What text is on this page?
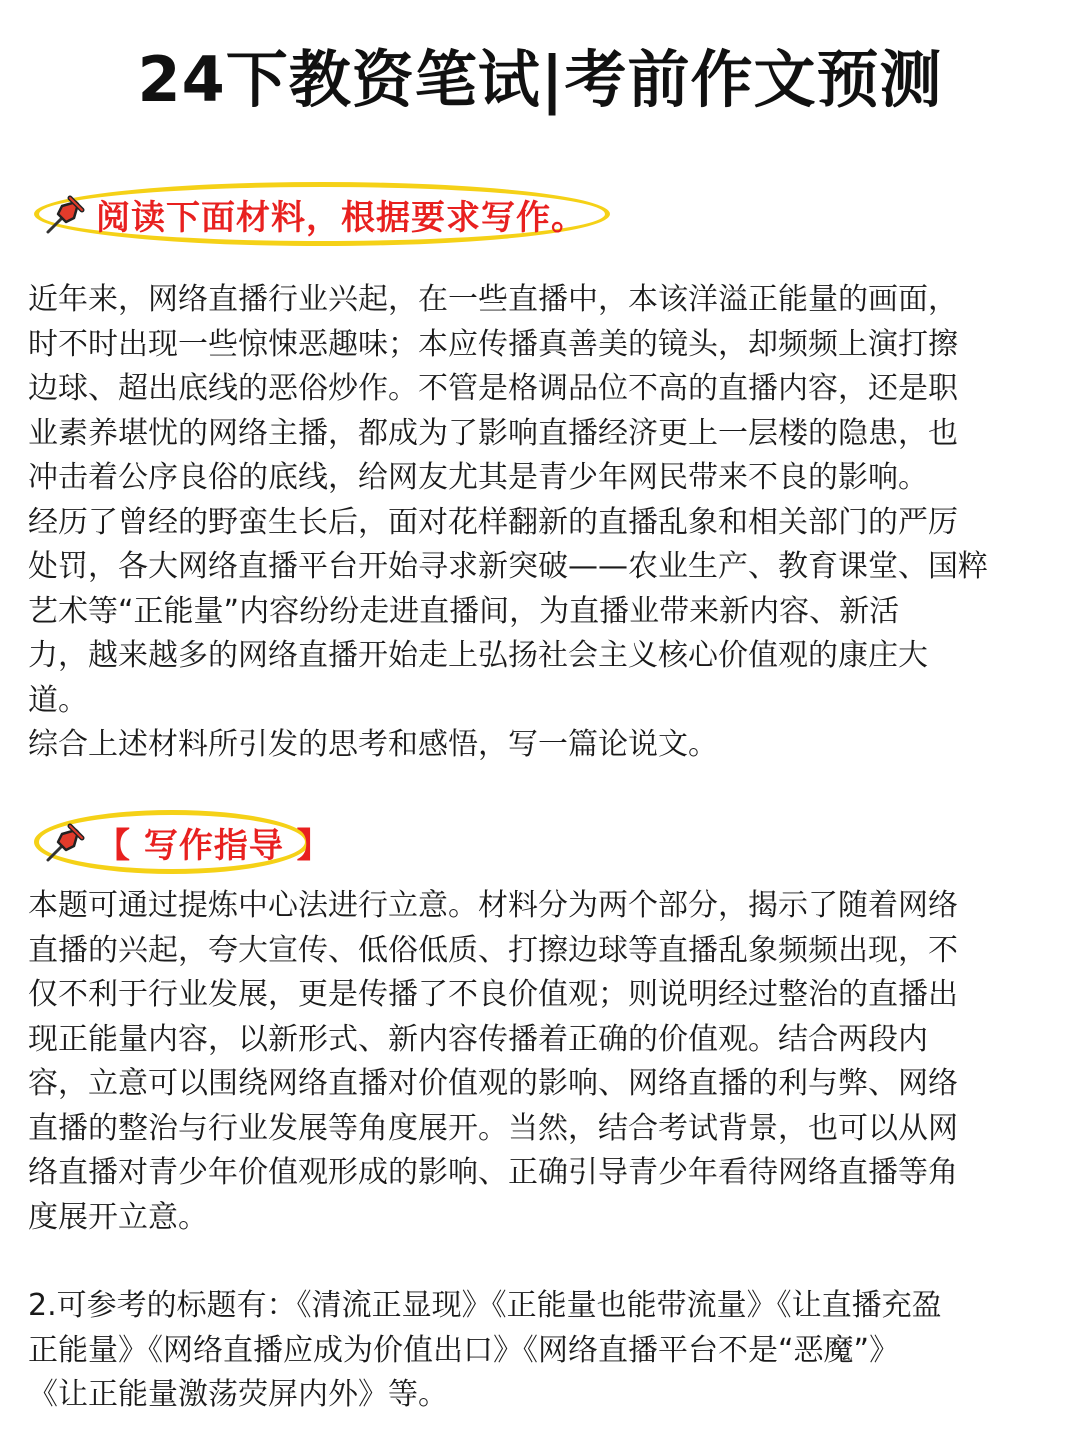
24下教资笔试|考前作文预测
阅读下面材料，根据要求写作。
近年来，网络直播行业兴起，在一些直播中，本该洋溢正能量的画面，
时不时出现一些惊悚恶趣味；本应传播真善美的镜头，却频频上演打擦
边球、超出底线的恶俗炒作。不管是格调品位不高的直播内容，还是职
业素养堪忧的网络主播，都成为了影响直播经济更上一层楼的隐患，也
冲击着公序良俗的底线，给网友尤其是青少年网民带来不良的影响。
经历了曾经的野蛮生长后，面对花样翻新的直播乱象和相关部门的严厉
处罚，各大网络直播平台开始寻求新突破——农业生产、教育课堂、国粹
艺术等“正能量”内容纷纷走进直播间，为直播业带来新内容、新活
力，越来越多的网络直播开始走上弘扬社会主义核心价值观的康庄大
道。
综合上述材料所引发的思考和感悟，写一篇论说文。
【 写作指导 】
本题可通过提炼中心法进行立意。材料分为两个部分，揭示了随着网络
直播的兴起，夸大宣传、低俗低质、打擦边球等直播乱象频频出现，不
仅不利于行业发展，更是传播了不良价值观；则说明经过整治的直播出
现正能量内容，以新形式、新内容传播着正确的价值观。结合两段内
容，立意可以围绕网络直播对价值观的影响、网络直播的利与弊、网络
直播的整治与行业发展等角度展开。当然，结合考试背景，也可以从网
络直播对青少年价值观形成的影响、正确引导青少年看待网络直播等角
度展开立意。
2.可参考的标题有：《清流正显现》《正能量也能带流量》《让直播充盈
正能量》《网络直播应成为价值出口》《网络直播平台不是“恶魔”》
《让正能量激荡荧屏内外》等。
